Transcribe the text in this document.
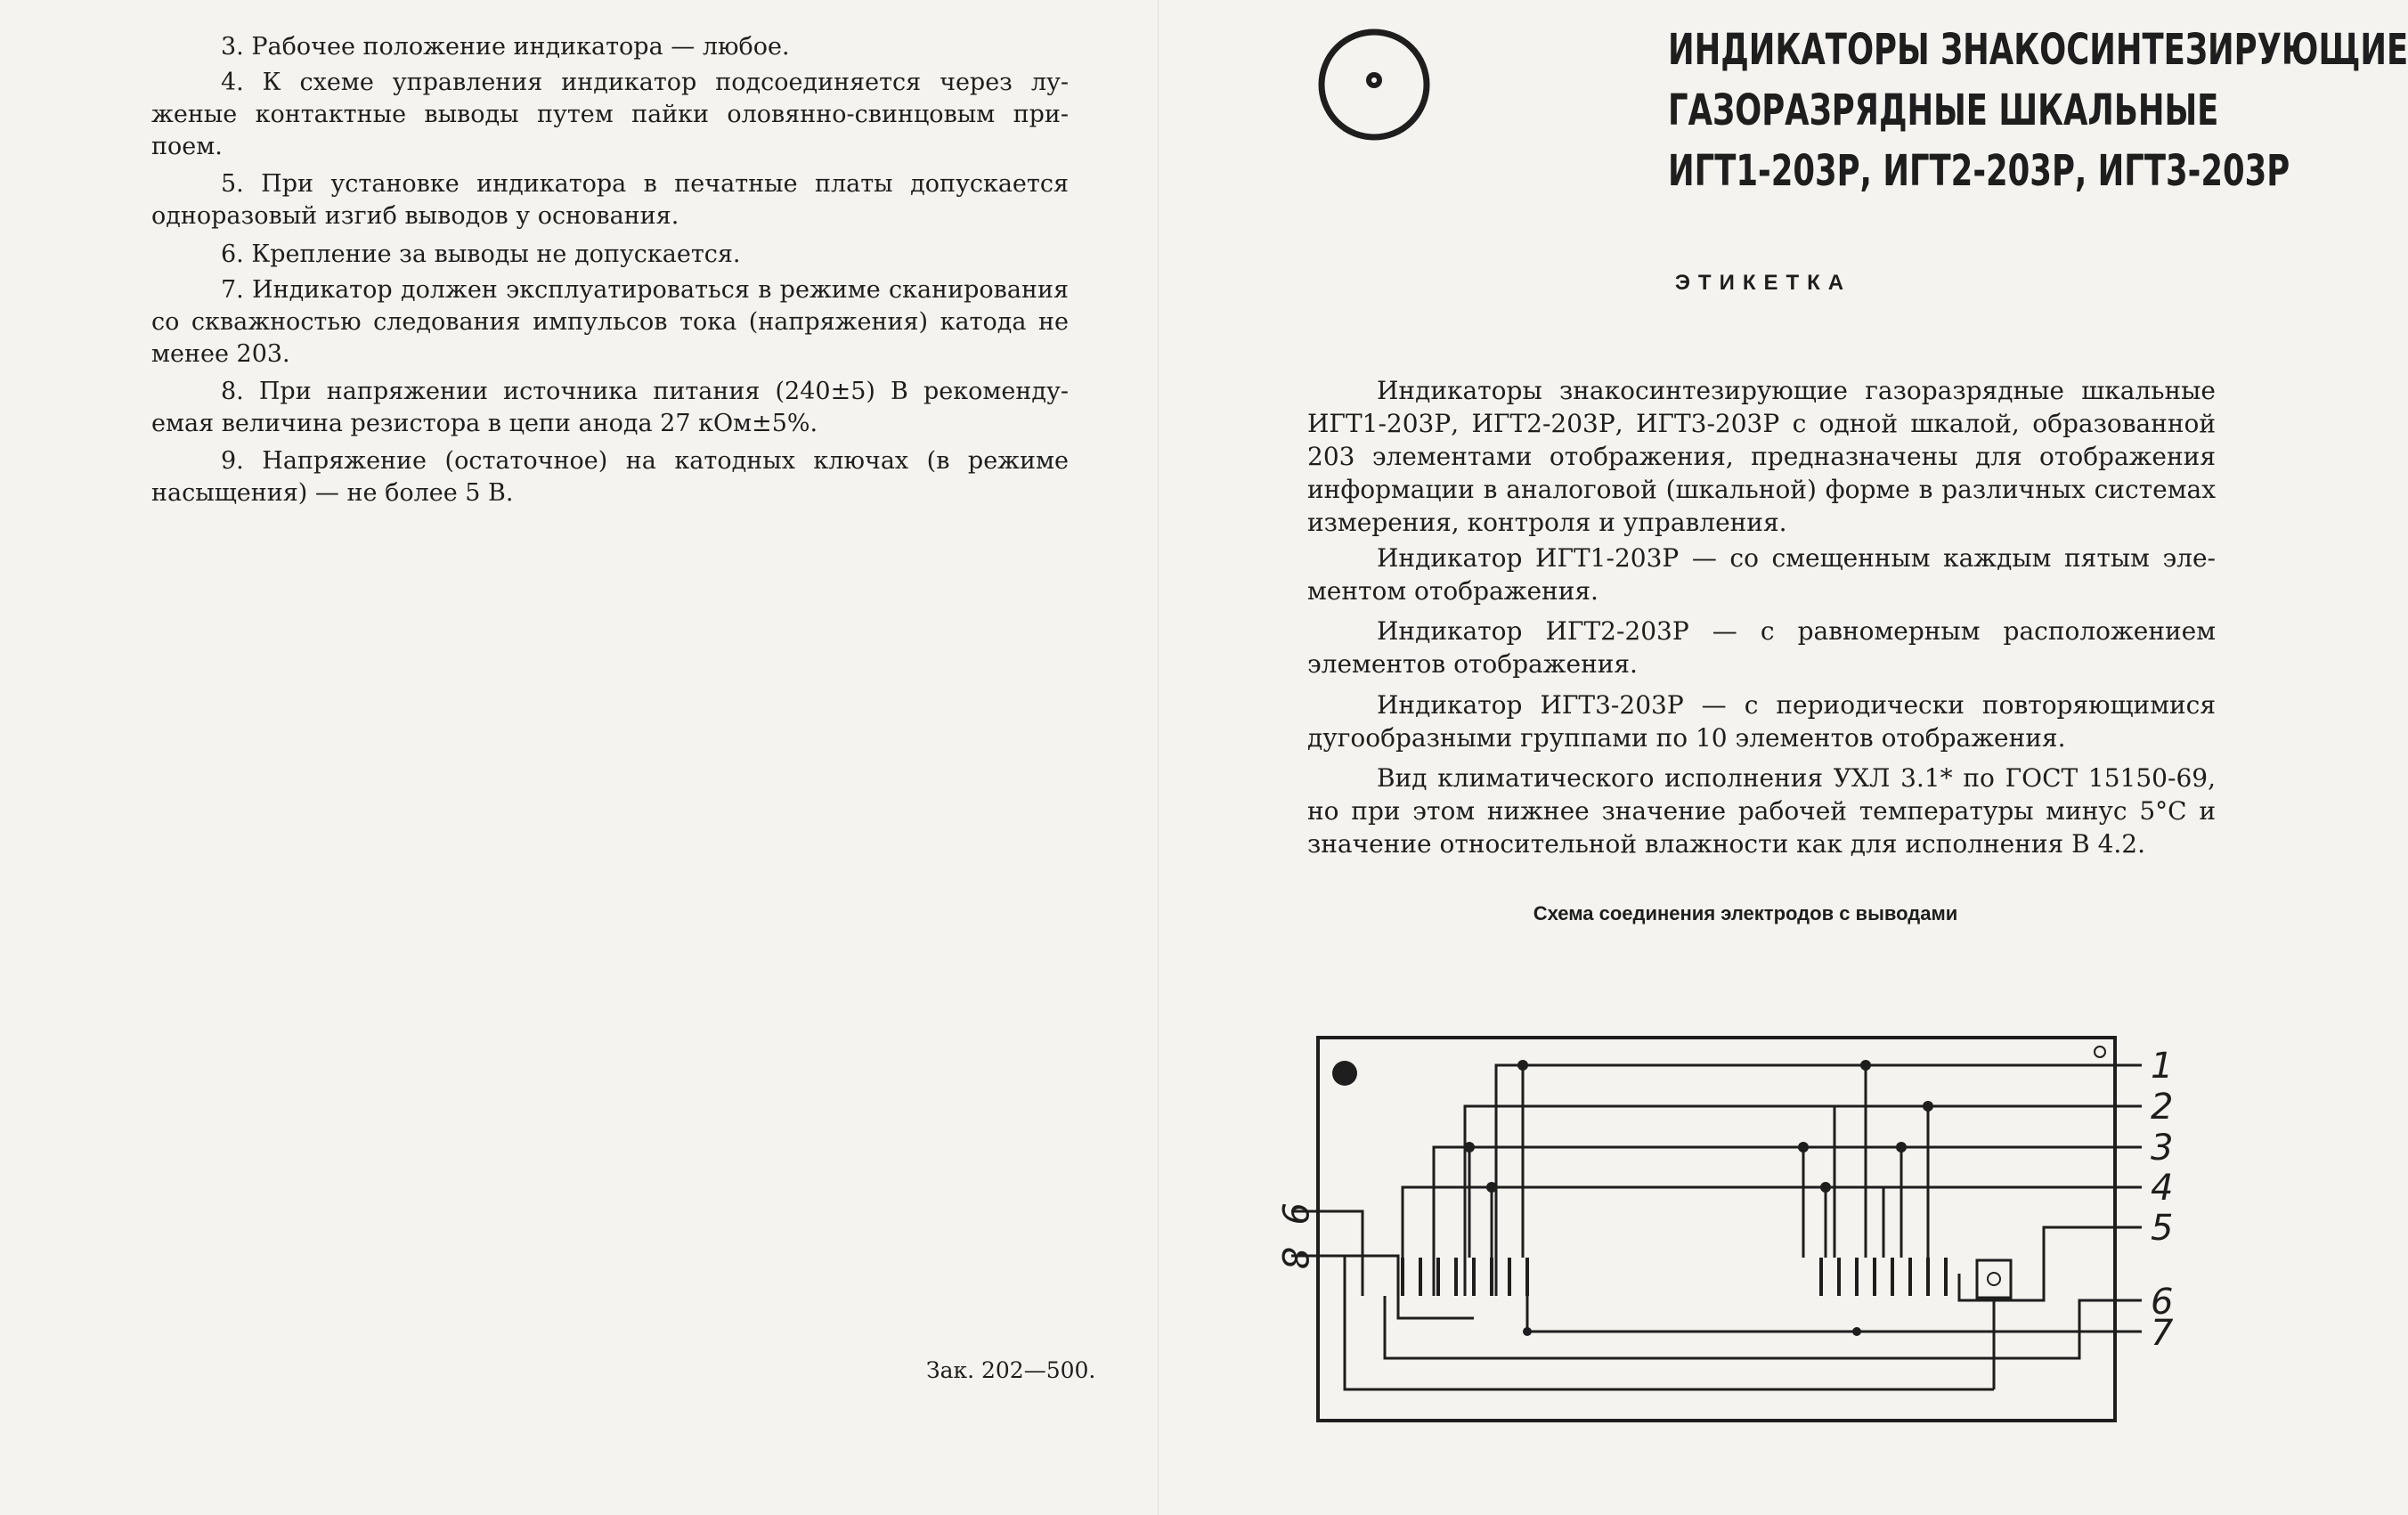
3. Рабочее положение индикатора — любое.

4. К схеме управления индикатор подсоединяется через луженые контактные выводы путем пайки оловянно-свинцовым припоем.

5. При установке индикатора в печатные платы допускается одноразовый изгиб выводов у основания.

6. Крепление за выводы не допускается.

7. Индикатор должен эксплуатироваться в режиме сканирования со скважностью следования импульсов тока (напряжения) катода не менее 203.

8. При напряжении источника питания (240±5) В рекомендуемая величина резистора в цепи анода 27 кОм±5%.

9. Напряжение (остаточное) на катодных ключах (в режиме насыщения) — не более 5 В.

Зак. 202—500.
ИНДИКАТОРЫ ЗНАКОСИНТЕЗИРУЮЩИЕ
ГАЗОРАЗРЯДНЫЕ ШКАЛЬНЫЕ
ИГТ1-203Р, ИГТ2-203Р, ИГТ3-203Р
ЭТИКЕТКА

Индикаторы знакосинтезирующие газоразрядные шкальные ИГТ1-203Р, ИГТ2-203Р, ИГТ3-203Р с одной шкалой, образованной 203 элементами отображения, предназначены для отображения информации в аналоговой (шкальной) форме в различных системах измерения, контроля и управления.

Индикатор ИГТ1-203Р — со смещенным каждым пятым элементом отображения.

Индикатор ИГТ2-203Р — с равномерным расположением элементов отображения.

Индикатор ИГТ3-203Р — с периодически повторяющимися дугообразными группами по 10 элементов отображения.

Вид климатического исполнения УХЛ 3.1* по ГОСТ 15150-69, но при этом нижнее значение рабочей температуры минус 5°С и значение относительной влажности как для исполнения В 4.2.

Схема соединения электродов с выводами
1
2
3
4
5
6
7
9
8
